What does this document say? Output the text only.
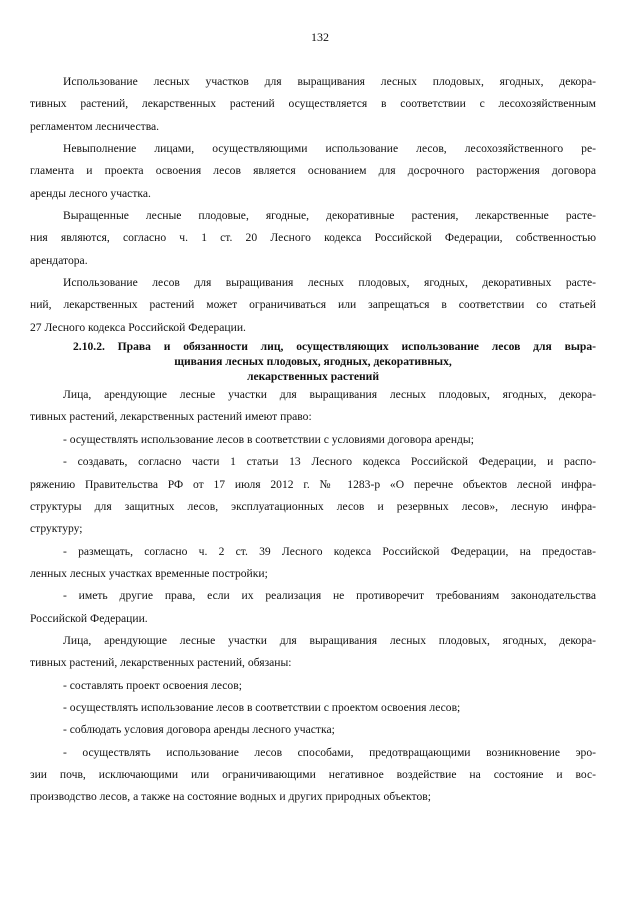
132
Использование лесных участков для выращивания лесных плодовых, ягодных, декора-
тивных растений, лекарственных растений осуществляется в соответствии с лесохозяйственным
регламентом лесничества.
Невыполнение лицами, осуществляющими использование лесов, лесохозяйственного ре-
гламента и проекта освоения лесов является основанием для досрочного расторжения договора
аренды лесного участка.
Выращенные лесные плодовые, ягодные, декоративные растения, лекарственные расте-
ния являются, согласно ч. 1 ст. 20 Лесного кодекса Российской Федерации, собственностью
арендатора.
Использование лесов для выращивания лесных плодовых, ягодных, декоративных расте-
ний, лекарственных растений может ограничиваться или запрещаться в соответствии со статьей
27 Лесного кодекса Российской Федерации.
2.10.2. Права и обязанности лиц, осуществляющих использование лесов для выра-
щивания лесных плодовых, ягодных, декоративных,
лекарственных растений
Лица, арендующие лесные участки для выращивания лесных плодовых, ягодных, декора-
тивных растений, лекарственных растений имеют право:
- осуществлять использование лесов в соответствии с условиями договора аренды;
- создавать, согласно части 1 статьи 13 Лесного кодекса Российской Федерации, и распо-
ряжению Правительства РФ от 17 июля 2012 г. № 1283-р «О перечне объектов лесной инфра-
структуры для защитных лесов, эксплуатационных лесов и резервных лесов», лесную инфра-
структуру;
- размещать, согласно ч. 2 ст. 39 Лесного кодекса Российской Федерации, на предостав-
ленных лесных участках временные постройки;
- иметь другие права, если их реализация не противоречит требованиям законодательства
Российской Федерации.
Лица, арендующие лесные участки для выращивания лесных плодовых, ягодных, декора-
тивных растений, лекарственных растений, обязаны:
- составлять проект освоения лесов;
- осуществлять использование лесов в соответствии с проектом освоения лесов;
- соблюдать условия договора аренды лесного участка;
- осуществлять использование лесов способами, предотвращающими возникновение эро-
зии почв, исключающими или ограничивающими негативное воздействие на состояние и вос-
производство лесов, а также на состояние водных и других природных объектов;
